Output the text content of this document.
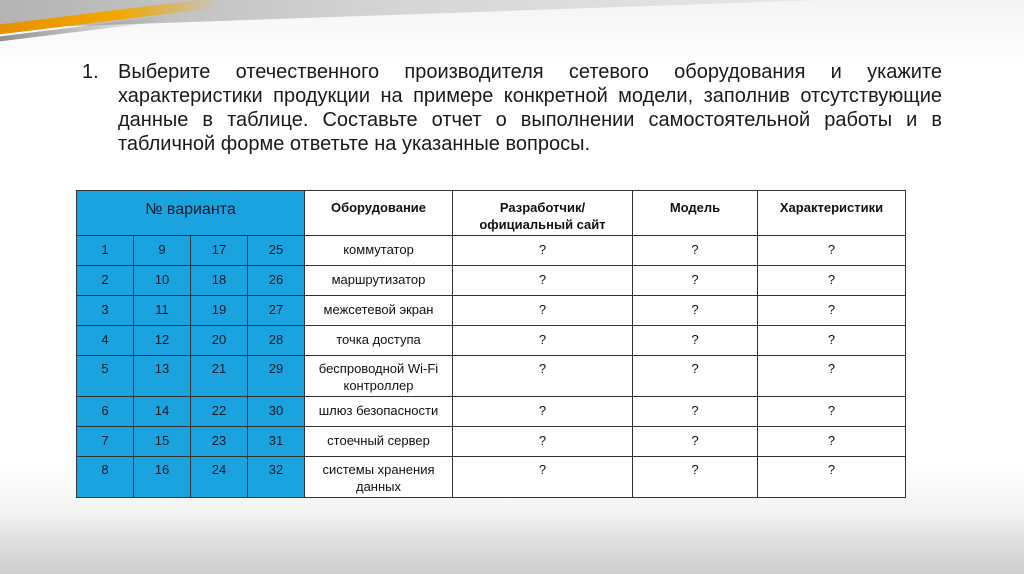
1. Выберите отечественного производителя сетевого оборудования и укажите характеристики продукции на примере конкретной модели, заполнив отсутствующие данные в таблице. Составьте отчет о выполнении самостоятельной работы и в табличной форме ответьте на указанные вопросы.
№ варианта				Оборудование	Разработчик/ официальный сайт	Модель	Характеристики
1	9	17	25	коммутатор	?	?	?
2	10	18	26	маршрутизатор	?	?	?
3	11	19	27	межсетевой экран	?	?	?
4	12	20	28	точка доступа	?	?	?
5	13	21	29	беспроводной Wi-Fi контроллер	?	?	?
6	14	22	30	шлюз безопасности	?	?	?
7	15	23	31	стоечный сервер	?	?	?
8	16	24	32	системы хранения данных	?	?	?
